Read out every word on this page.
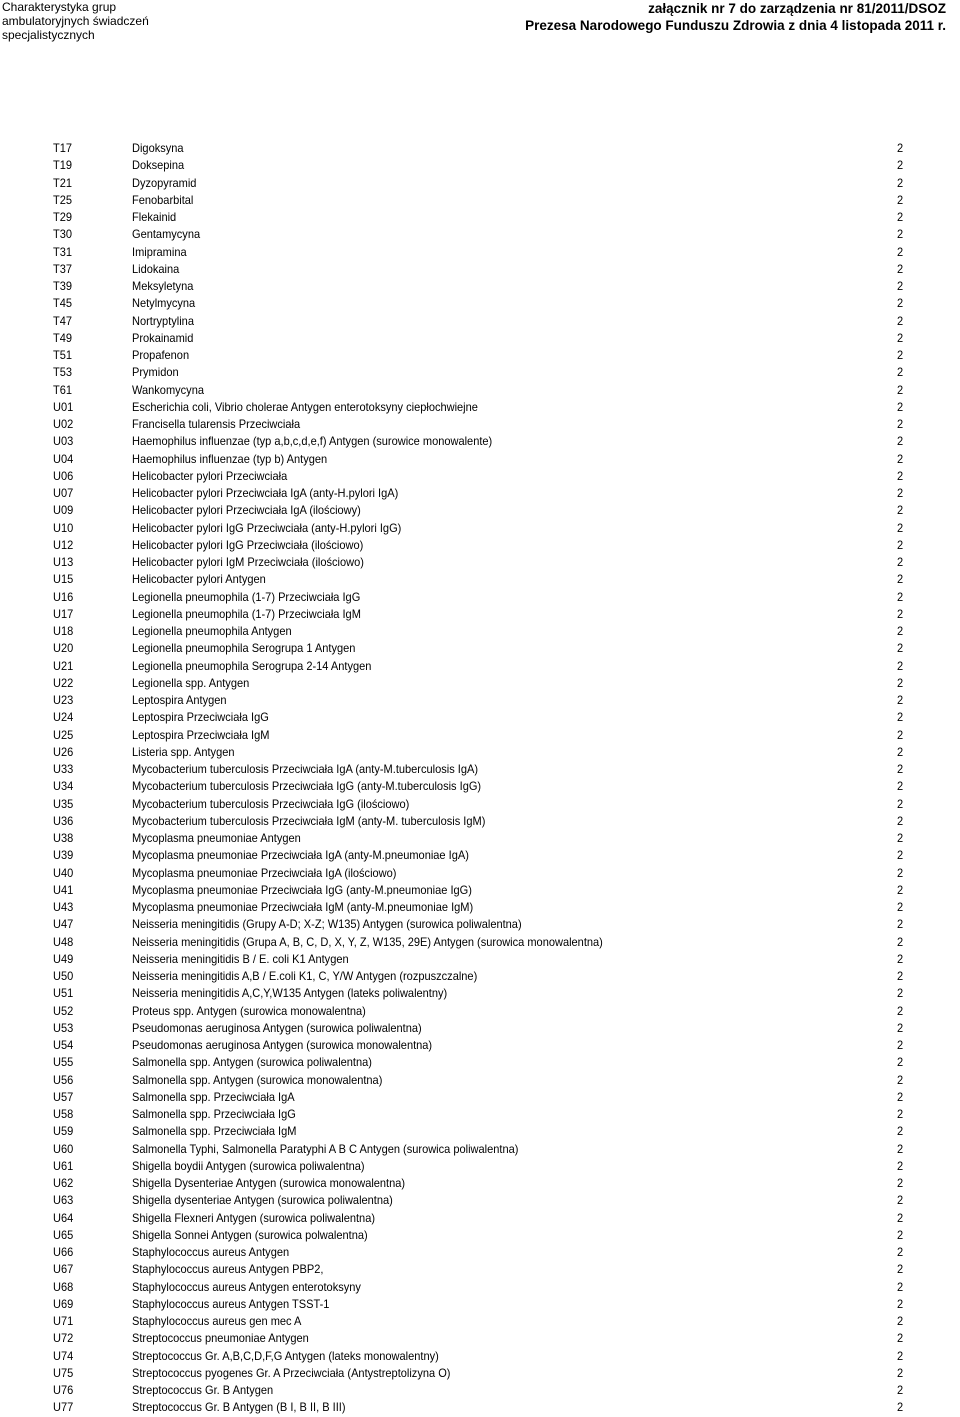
Charakterystyka grup
ambulatoryjnych świadczeń
specjalistycznych
załącznik nr 7 do zarządzenia nr 81/2011/DSOZ
Prezesa Narodowego Funduszu Zdrowia z dnia 4 listopada 2011 r.
T17	Digoksyna	2
T19	Doksepina	2
T21	Dyzopyramid	2
T25	Fenobarbital	2
T29	Flekainid	2
T30	Gentamycyna	2
T31	Imipramina	2
T37	Lidokaina	2
T39	Meksyletyna	2
T45	Netylmycyna	2
T47	Nortryptylina	2
T49	Prokainamid	2
T51	Propafenon	2
T53	Prymidon	2
T61	Wankomycyna	2
U01	Escherichia coli, Vibrio cholerae Antygen enterotoksyny ciepłochwiejne	2
U02	Francisella tularensis Przeciwciała	2
U03	Haemophilus influenzae (typ a,b,c,d,e,f) Antygen (surowice monowalente)	2
U04	Haemophilus influenzae (typ b) Antygen	2
U06	Helicobacter pylori Przeciwciała	2
U07	Helicobacter pylori Przeciwciała IgA (anty-H.pylori IgA)	2
U09	Helicobacter pylori Przeciwciała IgA (ilościowy)	2
U10	Helicobacter pylori IgG Przeciwciała (anty-H.pylori IgG)	2
U12	Helicobacter pylori IgG Przeciwciała (ilościowo)	2
U13	Helicobacter pylori IgM Przeciwciała (ilościowo)	2
U15	Helicobacter pylori Antygen	2
U16	Legionella pneumophila (1-7) Przeciwciała IgG	2
U17	Legionella pneumophila (1-7) Przeciwciała IgM	2
U18	Legionella pneumophila Antygen	2
U20	Legionella pneumophila Serogrupa 1 Antygen	2
U21	Legionella pneumophila Serogrupa 2-14 Antygen	2
U22	Legionella spp. Antygen	2
U23	Leptospira Antygen	2
U24	Leptospira Przeciwciała IgG	2
U25	Leptospira Przeciwciała IgM	2
U26	Listeria spp. Antygen	2
U33	Mycobacterium tuberculosis Przeciwciała IgA (anty-M.tuberculosis IgA)	2
U34	Mycobacterium tuberculosis Przeciwciała IgG (anty-M.tuberculosis IgG)	2
U35	Mycobacterium tuberculosis Przeciwciała IgG (ilościowo)	2
U36	Mycobacterium tuberculosis Przeciwciała IgM (anty-M. tuberculosis IgM)	2
U38	Mycoplasma pneumoniae Antygen	2
U39	Mycoplasma pneumoniae Przeciwciała IgA (anty-M.pneumoniae IgA)	2
U40	Mycoplasma pneumoniae Przeciwciała IgA (ilościowo)	2
U41	Mycoplasma pneumoniae Przeciwciała IgG (anty-M.pneumoniae IgG)	2
U43	Mycoplasma pneumoniae Przeciwciała IgM (anty-M.pneumoniae IgM)	2
U47	Neisseria meningitidis (Grupy A-D; X-Z; W135) Antygen (surowica poliwalentna)	2
U48	Neisseria meningitidis (Grupa A, B, C, D, X, Y, Z, W135, 29E) Antygen (surowica monowalentna)	2
U49	Neisseria meningitidis B / E. coli K1 Antygen	2
U50	Neisseria meningitidis A,B / E.coli K1, C, Y/W Antygen (rozpuszczalne)	2
U51	Neisseria meningitidis A,C,Y,W135 Antygen (lateks poliwalentny)	2
U52	Proteus spp. Antygen (surowica monowalentna)	2
U53	Pseudomonas aeruginosa Antygen (surowica poliwalentna)	2
U54	Pseudomonas aeruginosa Antygen (surowica monowalentna)	2
U55	Salmonella spp. Antygen (surowica poliwalentna)	2
U56	Salmonella spp. Antygen (surowica monowalentna)	2
U57	Salmonella spp. Przeciwciała IgA	2
U58	Salmonella spp. Przeciwciała IgG	2
U59	Salmonella spp. Przeciwciała IgM	2
U60	Salmonella Typhi, Salmonella Paratyphi A B C Antygen (surowica poliwalentna)	2
U61	Shigella boydii Antygen (surowica poliwalentna)	2
U62	Shigella Dysenteriae Antygen (surowica monowalentna)	2
U63	Shigella dysenteriae Antygen (surowica poliwalentna)	2
U64	Shigella Flexneri Antygen (surowica poliwalentna)	2
U65	Shigella Sonnei Antygen (surowica polwalentna)	2
U66	Staphylococcus aureus Antygen	2
U67	Staphylococcus aureus Antygen PBP2,	2
U68	Staphylococcus aureus Antygen enterotoksyny	2
U69	Staphylococcus aureus Antygen TSST-1	2
U71	Staphylococcus aureus gen mec A	2
U72	Streptococcus pneumoniae Antygen	2
U74	Streptococcus Gr. A,B,C,D,F,G Antygen (lateks monowalentny)	2
U75	Streptococcus pyogenes Gr. A Przeciwciała (Antystreptolizyna O)	2
U76	Streptococcus Gr. B Antygen	2
U77	Streptococcus Gr. B Antygen (B I, B II, B III)	2
